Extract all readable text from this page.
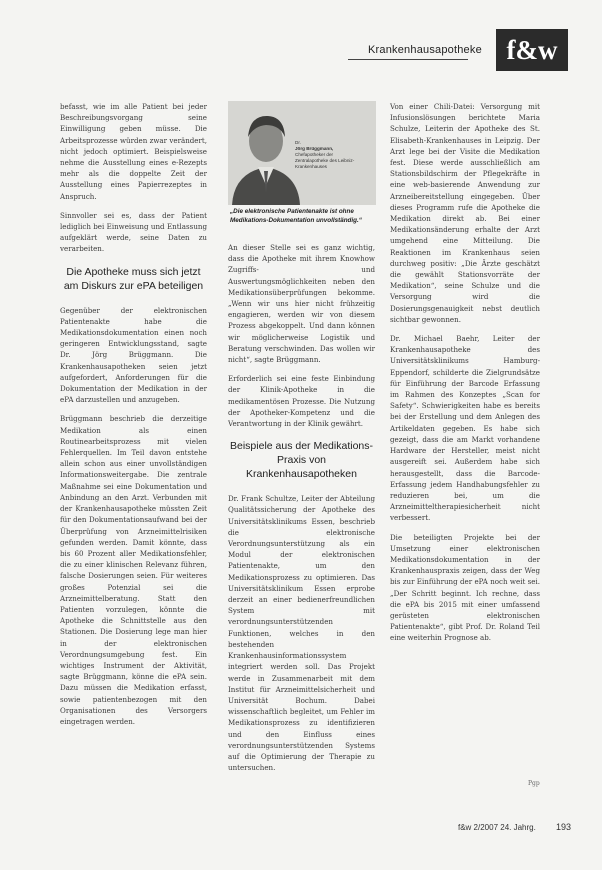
Krankenhausapotheke f&w

befasst, wie im alle Patient bei jeder Beschreibungsvorgang seine Einwilligung geben müsse. Die Arbeitsprozesse würden zwar verändert, nicht jedoch optimiert. Beispielsweise nehme die Ausstellung eines e-Rezepts mehr als die doppelte Zeit der Ausstellung eines Papierrezeptes in Anspruch.

Sinnvoller sei es, dass der Patient lediglich bei Einweisung und Entlassung aufgeklärt werde, seine Daten zu verarbeiten.

Die Apotheke muss sich jetzt am Diskurs zur ePA beteiligen

Gegenüber der elektronischen Patientenakte habe die Medikationsdokumentation einen noch geringeren Entwicklungsstand, sagte Dr. Jörg Brüggmann. Die Krankenhausapotheken seien jetzt aufgefordert, Anforderungen für die Dokumentation der Medikation in der ePA darzustellen und anzugeben.

Brüggmann beschrieb die derzeitige Medikation als einen Routinearbeitsprozess mit vielen Fehlerquellen. Im Teil davon entstehe allein schon aus einer unvollständigen Informationsweitergabe. Die zentrale Maßnahme sei eine Dokumentation und Anbindung an den Arzt. Verbunden mit der Krankenhausapotheke müssten Zeit für den Dokumentationsaufwand bei der Überprüfung von Arzneimittelrisiken gefunden werden. Damit könnte, dass bis 60 Prozent aller Medikationsfehler, die zu einer klinischen Relevanz führen, falsche Dosierungen seien. Für weiteres großes Potenzial sei die Arzneimittelberatung. Statt den Patienten vorzulegen, könnte die Apotheke die Schnittstelle aus den Stationen. Die Dosierung lege man hier in der elektronischen Verordnungsumgebung fest. Ein wichtiges Instrument der Aktivität, sagte Brüggmann, könne die ePA sein. Dazu müssen die Medikation erfasst, sowie patientenbezogen mit den Organisationen des Versorgers eingetragen werden.

Dr.
Jörg Brüggmann,
Chefapotheker der Zentralapotheke des Leibniz-Krankenhauses
„Die elektronische Patientenakte ist ohne Medikations-Dokumentation unvollständig.“

An dieser Stelle sei es ganz wichtig, dass die Apotheke mit ihrem Knowhow Zugriffs- und Auswertungsmöglichkeiten neben den Medikationsüberprüfungen bekomme. „Wenn wir uns hier nicht frühzeitig engagieren, werden wir von diesem Prozess abgekoppelt. Und dann können wir möglicherweise Logistik und Beratung verschwinden. Das wollen wir nicht“, sagte Brüggmann.

Erforderlich sei eine feste Einbindung der Klinik-Apotheke in die medikamentösen Prozesse. Die Nutzung der Apotheker-Kompetenz und die Verantwortung in der Klinik gewährt.

Beispiele aus der Medikations-Praxis von Krankenhausapotheken

Dr. Frank Schultze, Leiter der Abteilung Qualitätssicherung der Apotheke des Universitätsklinikums Essen, beschrieb die elektronische Verordnungsunterstützung als ein Modul der elektronischen Patientenakte, um den Medikationsprozess zu optimieren. Das Universitätsklinikum Essen erprobe derzeit an einer bedienerfreundlichen System mit verordnungsunterstützenden Funktionen, welches in den bestehenden Krankenhausinformationssystem integriert werden soll. Das Projekt werde in Zusammenarbeit mit dem Institut für Arzneimittelsicherheit und Universität Bochum. Dabei wissenschaftlich begleitet, um Fehler im Medikationsprozess zu identifizieren und den Einfluss eines verordnungsunterstützenden Systems auf die Optimierung der Therapie zu untersuchen.

Von einer Chili-Datei: Versorgung mit Infusionslösungen berichtete Maria Schulze, Leiterin der Apotheke des St. Elisabeth-Krankenhauses in Leipzig. Der Arzt lege bei der Visite die Medikation fest. Diese werde ausschließlich am Stationsbildschirm der Pflegekräfte in eine web-basierende Anwendung zur Arzneibereitstellung eingegeben. Über dieses Programm rufe die Apotheke die Medikation direkt ab. Bei einer Medikationsänderung erhalte der Arzt umgehend eine Mitteilung. Die Reaktionen im Krankenhaus seien durchweg positiv: „Die Ärzte geschätzt die gewählt Stationsvorräte der Medikation“, seine Schulze und die Versorgung wird die Dosierungsgenauigkeit nebst deutlich sichtbar gewonnen.

Dr. Michael Baehr, Leiter der Krankenhausapotheke des Universitätsklinikums Hamburg-Eppendorf, schilderte die Zielgrundsätze für Einführung der Barcode Erfassung im Rahmen des Konzeptes „Scan for Safety“. Schwierigkeiten habe es bereits bei der Erstellung und dem Anlegen des Artikeldaten gegeben. Es habe sich gezeigt, dass die am Markt vorhandene Hardware der Hersteller, meist nicht ausgereift sei. Außerdem habe sich herausgestellt, dass die Barcode-Erfassung jedem Handhabungsfehler zu reduzieren bei, um die Arzneimitteltherapiesicherheit nicht verbessert.

Die beteiligten Projekte bei der Umsetzung einer elektronischen Medikationsdokumentation in der Krankenhauspraxis zeigen, dass der Weg bis zur Einführung der ePA noch weit sei. „Der Schritt beginnt. Ich rechne, dass die ePA bis 2015 mit einer umfassend gerüsteten elektronischen Patientenakte“, gibt Prof. Dr. Roland Teil eine weiterhin Prognose ab.

Pgp
f&w 2/2007 24. Jahrg. 193
